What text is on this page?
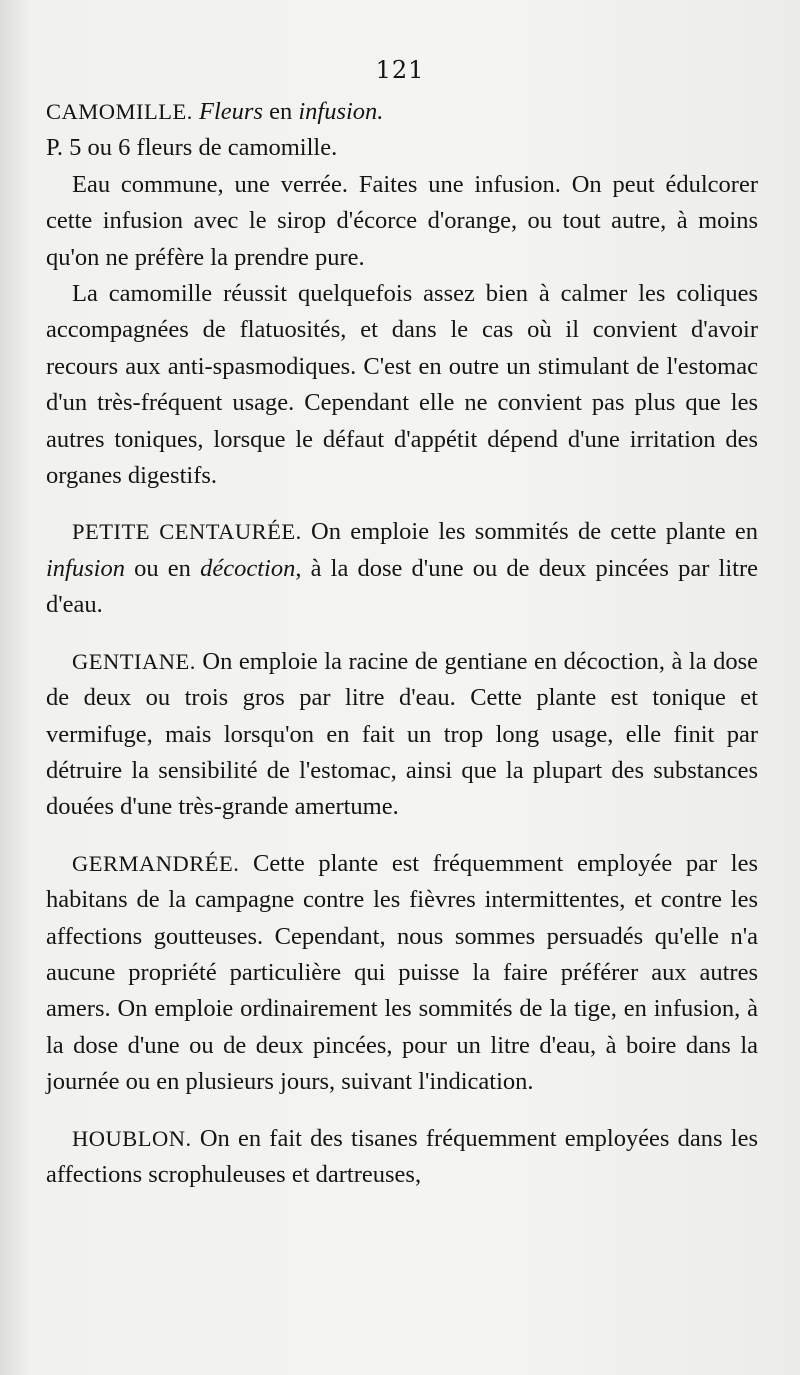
121

CAMOMILLE. Fleurs en infusion.

P. 5 ou 6 fleurs de camomille.

Eau commune, une verrée. Faites une infusion. On peut édulcorer cette infusion avec le sirop d'écorce d'orange, ou tout autre, à moins qu'on ne préfère la prendre pure.

La camomille réussit quelquefois assez bien à calmer les coliques accompagnées de flatuosités, et dans le cas où il convient d'avoir recours aux anti-spasmodiques. C'est en outre un stimulant de l'estomac d'un très-fréquent usage. Cependant elle ne convient pas plus que les autres toniques, lorsque le défaut d'appétit dépend d'une irritation des organes digestifs.

PETITE CENTAURÉE. On emploie les sommités de cette plante en infusion ou en décoction, à la dose d'une ou de deux pincées par litre d'eau.

GENTIANE. On emploie la racine de gentiane en décoction, à la dose de deux ou trois gros par litre d'eau. Cette plante est tonique et vermifuge, mais lorsqu'on en fait un trop long usage, elle finit par détruire la sensibilité de l'estomac, ainsi que la plupart des substances douées d'une très-grande amertume.

GERMANDRÉE. Cette plante est fréquemment employée par les habitans de la campagne contre les fièvres intermittentes, et contre les affections goutteuses. Cependant, nous sommes persuadés qu'elle n'a aucune propriété particulière qui puisse la faire préférer aux autres amers. On emploie ordinairement les sommités de la tige, en infusion, à la dose d'une ou de deux pincées, pour un litre d'eau, à boire dans la journée ou en plusieurs jours, suivant l'indication.

HOUBLON. On en fait des tisanes fréquemment employées dans les affections scrophuleuses et dartreuses,
